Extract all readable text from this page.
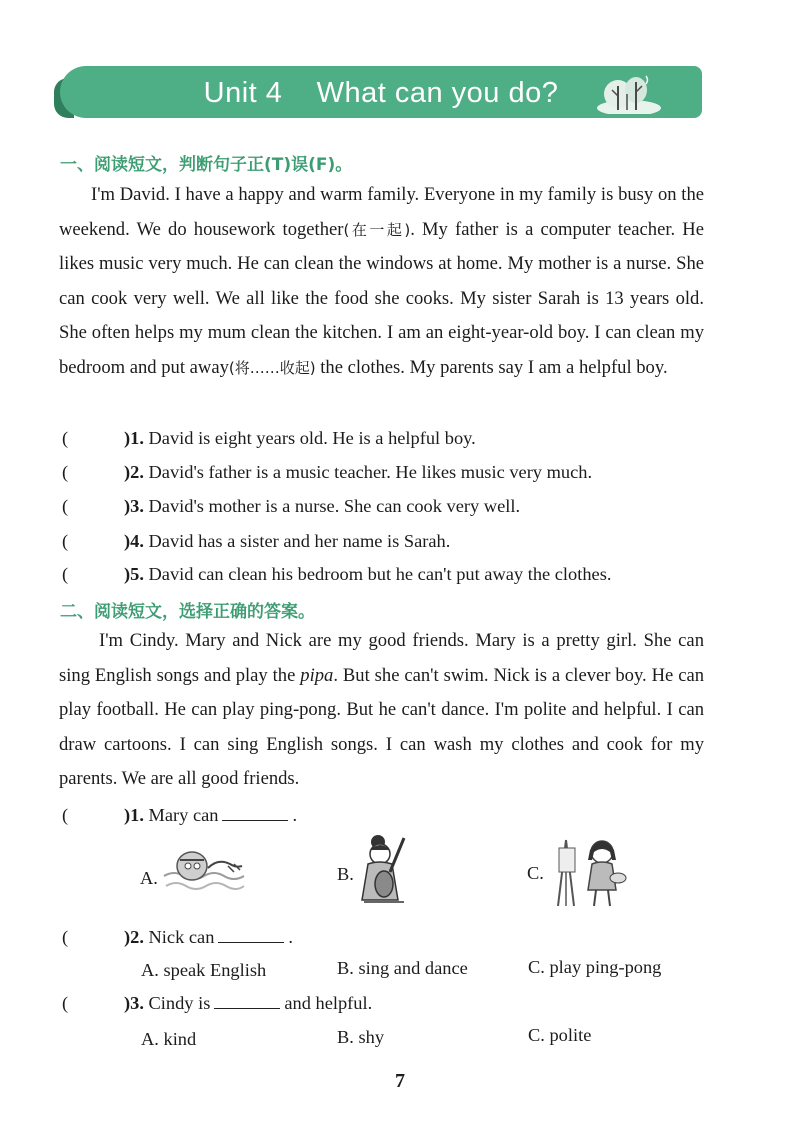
Unit 4    What can you do?
一、阅读短文，判断句子正(T)误(F)。

I'm David. I have a happy and warm family. Everyone in my family is busy on the weekend. We do housework together(在一起). My father is a computer teacher. He likes music very much. He can clean the windows at home. My mother is a nurse. She can cook very well. We all like the food she cooks. My sister Sarah is 13 years old. She often helps my mum clean the kitchen. I am an eight-year-old boy. I can clean my bedroom and put away(将……收起) the clothes. My parents say I am a helpful boy.

(	)1. David is eight years old. He is a helpful boy.
(	)2. David's father is a music teacher. He likes music very much.
(	)3. David's mother is a nurse. She can cook very well.
(	)4. David has a sister and her name is Sarah.
(	)5. David can clean his bedroom but he can't put away the clothes.
二、阅读短文，选择正确的答案。

I'm Cindy. Mary and Nick are my good friends. Mary is a pretty girl. She can sing English songs and play the pipa. But she can't swim. Nick is a clever boy. He can play football. He can play ping-pong. But he can't dance. I'm polite and helpful. I can draw cartoons. I can sing English songs. I can wash my clothes and cook for my parents. We are all good friends.

(	)1. Mary can	.
A.	B.	C.
(	)2. Nick can	.
A. speak English	B. sing and dance	C. play ping-pong
(	)3. Cindy is	and helpful.
A. kind	B. shy	C. polite
7
